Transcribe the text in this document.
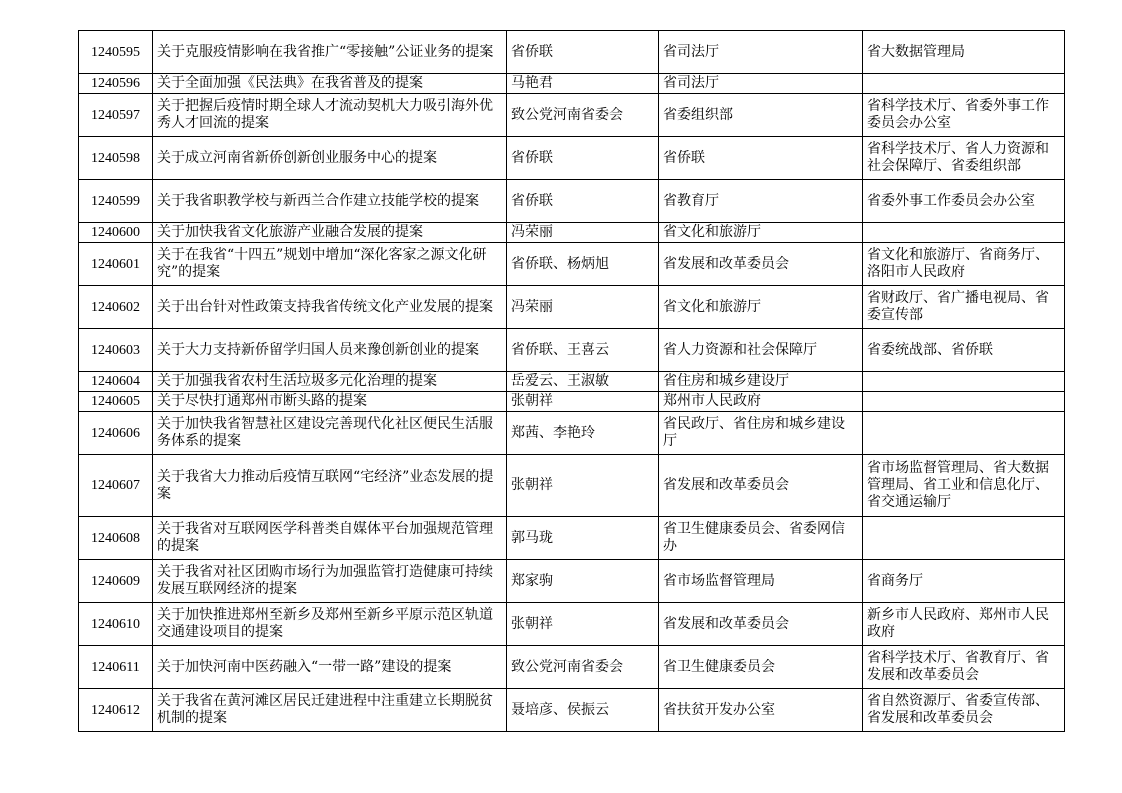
1240595	关于克服疫情影响在我省推广“零接触”公证业务的提案	省侨联	省司法厅	省大数据管理局
1240596	关于全面加强《民法典》在我省普及的提案	马艳君	省司法厅	
1240597	关于把握后疫情时期全球人才流动契机大力吸引海外优秀人才回流的提案	致公党河南省委会	省委组织部	省科学技术厅、省委外事工作委员会办公室
1240598	关于成立河南省新侨创新创业服务中心的提案	省侨联	省侨联	省科学技术厅、省人力资源和社会保障厅、省委组织部
1240599	关于我省职教学校与新西兰合作建立技能学校的提案	省侨联	省教育厅	省委外事工作委员会办公室
1240600	关于加快我省文化旅游产业融合发展的提案	冯荣丽	省文化和旅游厅	
1240601	关于在我省“十四五”规划中增加“深化客家之源文化研究”的提案	省侨联、杨炳旭	省发展和改革委员会	省文化和旅游厅、省商务厅、洛阳市人民政府
1240602	关于出台针对性政策支持我省传统文化产业发展的提案	冯荣丽	省文化和旅游厅	省财政厅、省广播电视局、省委宣传部
1240603	关于大力支持新侨留学归国人员来豫创新创业的提案	省侨联、王喜云	省人力资源和社会保障厅	省委统战部、省侨联
1240604	关于加强我省农村生活垃圾多元化治理的提案	岳爱云、王淑敏	省住房和城乡建设厅	
1240605	关于尽快打通郑州市断头路的提案	张朝祥	郑州市人民政府	
1240606	关于加快我省智慧社区建设完善现代化社区便民生活服务体系的提案	郑茜、李艳玲	省民政厅、省住房和城乡建设厅	
1240607	关于我省大力推动后疫情互联网“宅经济”业态发展的提案	张朝祥	省发展和改革委员会	省市场监督管理局、省大数据管理局、省工业和信息化厅、省交通运输厅
1240608	关于我省对互联网医学科普类自媒体平台加强规范管理的提案	郭马珑	省卫生健康委员会、省委网信办	
1240609	关于我省对社区团购市场行为加强监管打造健康可持续发展互联网经济的提案	郑家驹	省市场监督管理局	省商务厅
1240610	关于加快推进郑州至新乡及郑州至新乡平原示范区轨道交通建设项目的提案	张朝祥	省发展和改革委员会	新乡市人民政府、郑州市人民政府
1240611	关于加快河南中医药融入“一带一路”建设的提案	致公党河南省委会	省卫生健康委员会	省科学技术厅、省教育厅、省发展和改革委员会
1240612	关于我省在黄河滩区居民迁建进程中注重建立长期脱贫机制的提案	聂培彦、侯振云	省扶贫开发办公室	省自然资源厅、省委宣传部、省发展和改革委员会
